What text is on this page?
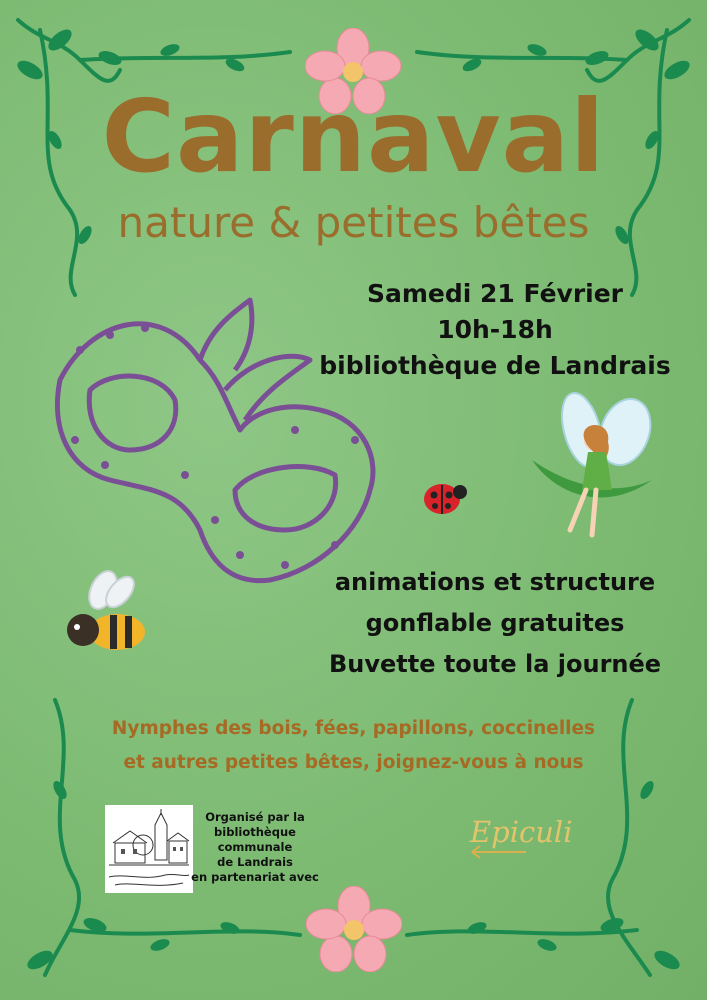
Carnaval
nature & petites bêtes
Samedi 21 Février
10h-18h
bibliothèque de Landrais
animations et structure
gonflable gratuites
Buvette toute la journée
Nymphes des bois, fées, papillons, coccinelles
et autres petites bêtes, joignez-vous à nous
Organisé par la
bibliothèque
communale
de Landrais
en partenariat avec
Epiculi
